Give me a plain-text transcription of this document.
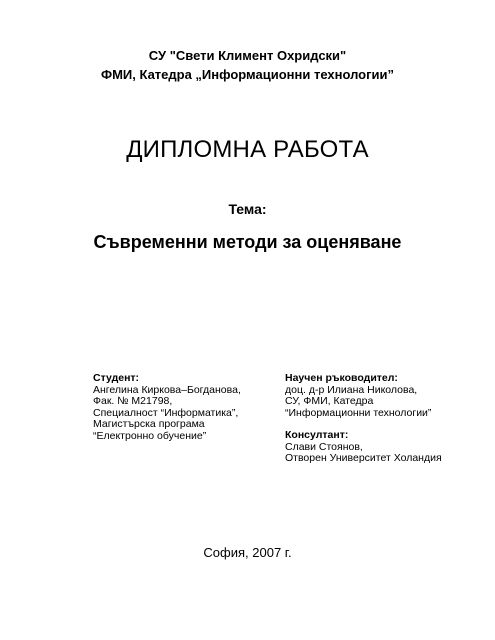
СУ "Свети Климент Охридски"
ФМИ, Катедра „Информационни технологии”
ДИПЛОМНА РАБОТА
Тема:
Съвременни методи за оценяване
Студент:
Ангелина Киркова–Богданова,
Фак. № М21798,
Специалност “Информатика”,
Магистърска програма
“Електронно обучение”
Научен ръководител:
доц. д-р Илиана Николова,
СУ, ФМИ, Катедра
“Информационни технологии”
Консултант:
Слави Стоянов,
Отворен Университет Холандия
София, 2007 г.
